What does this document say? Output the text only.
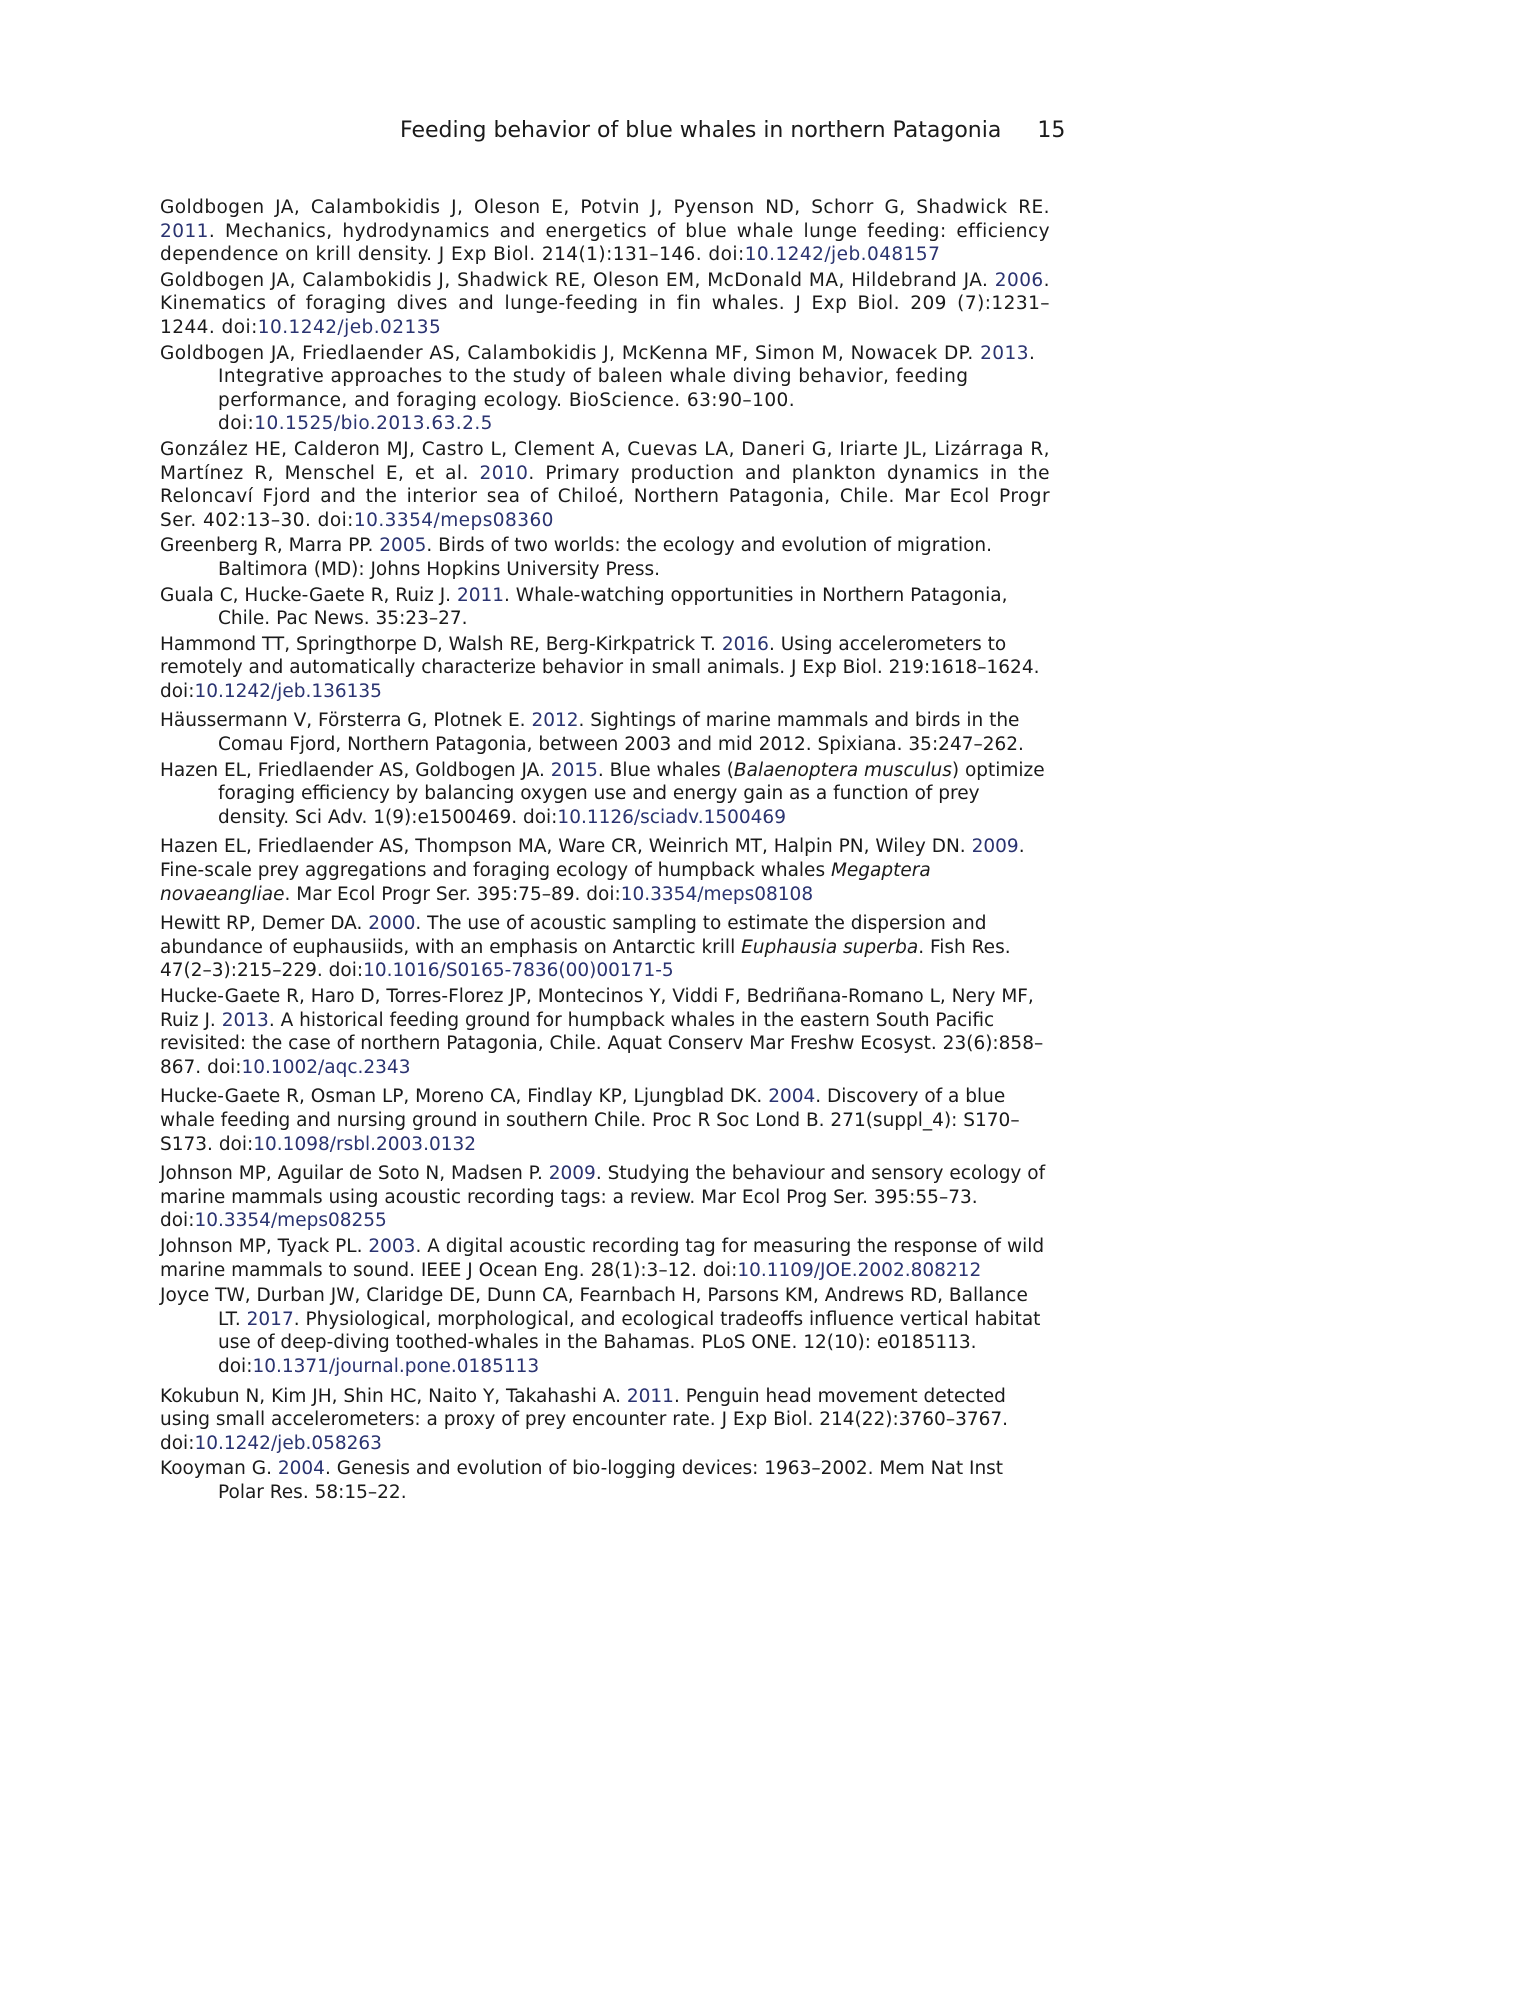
Feeding behavior of blue whales in northern Patagonia 15
Goldbogen JA, Calambokidis J, Oleson E, Potvin J, Pyenson ND, Schorr G, Shadwick RE. 2011. Mechanics, hydrodynamics and energetics of blue whale lunge feeding: efficiency dependence on krill density. J Exp Biol. 214(1):131–146. doi:10.1242/jeb.048157
Goldbogen JA, Calambokidis J, Shadwick RE, Oleson EM, McDonald MA, Hildebrand JA. 2006. Kinematics of foraging dives and lunge-feeding in fin whales. J Exp Biol. 209 (7):1231–1244. doi:10.1242/jeb.02135
Goldbogen JA, Friedlaender AS, Calambokidis J, McKenna MF, Simon M, Nowacek DP. 2013. Integrative approaches to the study of baleen whale diving behavior, feeding performance, and foraging ecology. BioScience. 63:90–100. doi:10.1525/bio.2013.63.2.5
González HE, Calderon MJ, Castro L, Clement A, Cuevas LA, Daneri G, Iriarte JL, Lizárraga R, Martínez R, Menschel E, et al. 2010. Primary production and plankton dynamics in the Reloncaví Fjord and the interior sea of Chiloé, Northern Patagonia, Chile. Mar Ecol Progr Ser. 402:13–30. doi:10.3354/meps08360
Greenberg R, Marra PP. 2005. Birds of two worlds: the ecology and evolution of migration. Baltimora (MD): Johns Hopkins University Press.
Guala C, Hucke-Gaete R, Ruiz J. 2011. Whale-watching opportunities in Northern Patagonia, Chile. Pac News. 35:23–27.
Hammond TT, Springthorpe D, Walsh RE, Berg-Kirkpatrick T. 2016. Using accelerometers to remotely and automatically characterize behavior in small animals. J Exp Biol. 219:1618–1624. doi:10.1242/jeb.136135
Häussermann V, Försterra G, Plotnek E. 2012. Sightings of marine mammals and birds in the Comau Fjord, Northern Patagonia, between 2003 and mid 2012. Spixiana. 35:247–262.
Hazen EL, Friedlaender AS, Goldbogen JA. 2015. Blue whales (Balaenoptera musculus) optimize foraging efficiency by balancing oxygen use and energy gain as a function of prey density. Sci Adv. 1(9):e1500469. doi:10.1126/sciadv.1500469
Hazen EL, Friedlaender AS, Thompson MA, Ware CR, Weinrich MT, Halpin PN, Wiley DN. 2009. Fine-scale prey aggregations and foraging ecology of humpback whales Megaptera novaeangliae. Mar Ecol Progr Ser. 395:75–89. doi:10.3354/meps08108
Hewitt RP, Demer DA. 2000. The use of acoustic sampling to estimate the dispersion and abundance of euphausiids, with an emphasis on Antarctic krill Euphausia superba. Fish Res. 47(2–3):215–229. doi:10.1016/S0165-7836(00)00171-5
Hucke-Gaete R, Haro D, Torres-Florez JP, Montecinos Y, Viddi F, Bedriñana-Romano L, Nery MF, Ruiz J. 2013. A historical feeding ground for humpback whales in the eastern South Pacific revisited: the case of northern Patagonia, Chile. Aquat Conserv Mar Freshw Ecosyst. 23(6):858–867. doi:10.1002/aqc.2343
Hucke-Gaete R, Osman LP, Moreno CA, Findlay KP, Ljungblad DK. 2004. Discovery of a blue whale feeding and nursing ground in southern Chile. Proc R Soc Lond B. 271(suppl_4): S170–S173. doi:10.1098/rsbl.2003.0132
Johnson MP, Aguilar de Soto N, Madsen P. 2009. Studying the behaviour and sensory ecology of marine mammals using acoustic recording tags: a review. Mar Ecol Prog Ser. 395:55–73. doi:10.3354/meps08255
Johnson MP, Tyack PL. 2003. A digital acoustic recording tag for measuring the response of wild marine mammals to sound. IEEE J Ocean Eng. 28(1):3–12. doi:10.1109/JOE.2002.808212
Joyce TW, Durban JW, Claridge DE, Dunn CA, Fearnbach H, Parsons KM, Andrews RD, Ballance LT. 2017. Physiological, morphological, and ecological tradeoffs influence vertical habitat use of deep-diving toothed-whales in the Bahamas. PLoS ONE. 12(10): e0185113. doi:10.1371/journal.pone.0185113
Kokubun N, Kim JH, Shin HC, Naito Y, Takahashi A. 2011. Penguin head movement detected using small accelerometers: a proxy of prey encounter rate. J Exp Biol. 214(22):3760–3767. doi:10.1242/jeb.058263
Kooyman G. 2004. Genesis and evolution of bio-logging devices: 1963–2002. Mem Nat Inst Polar Res. 58:15–22.
